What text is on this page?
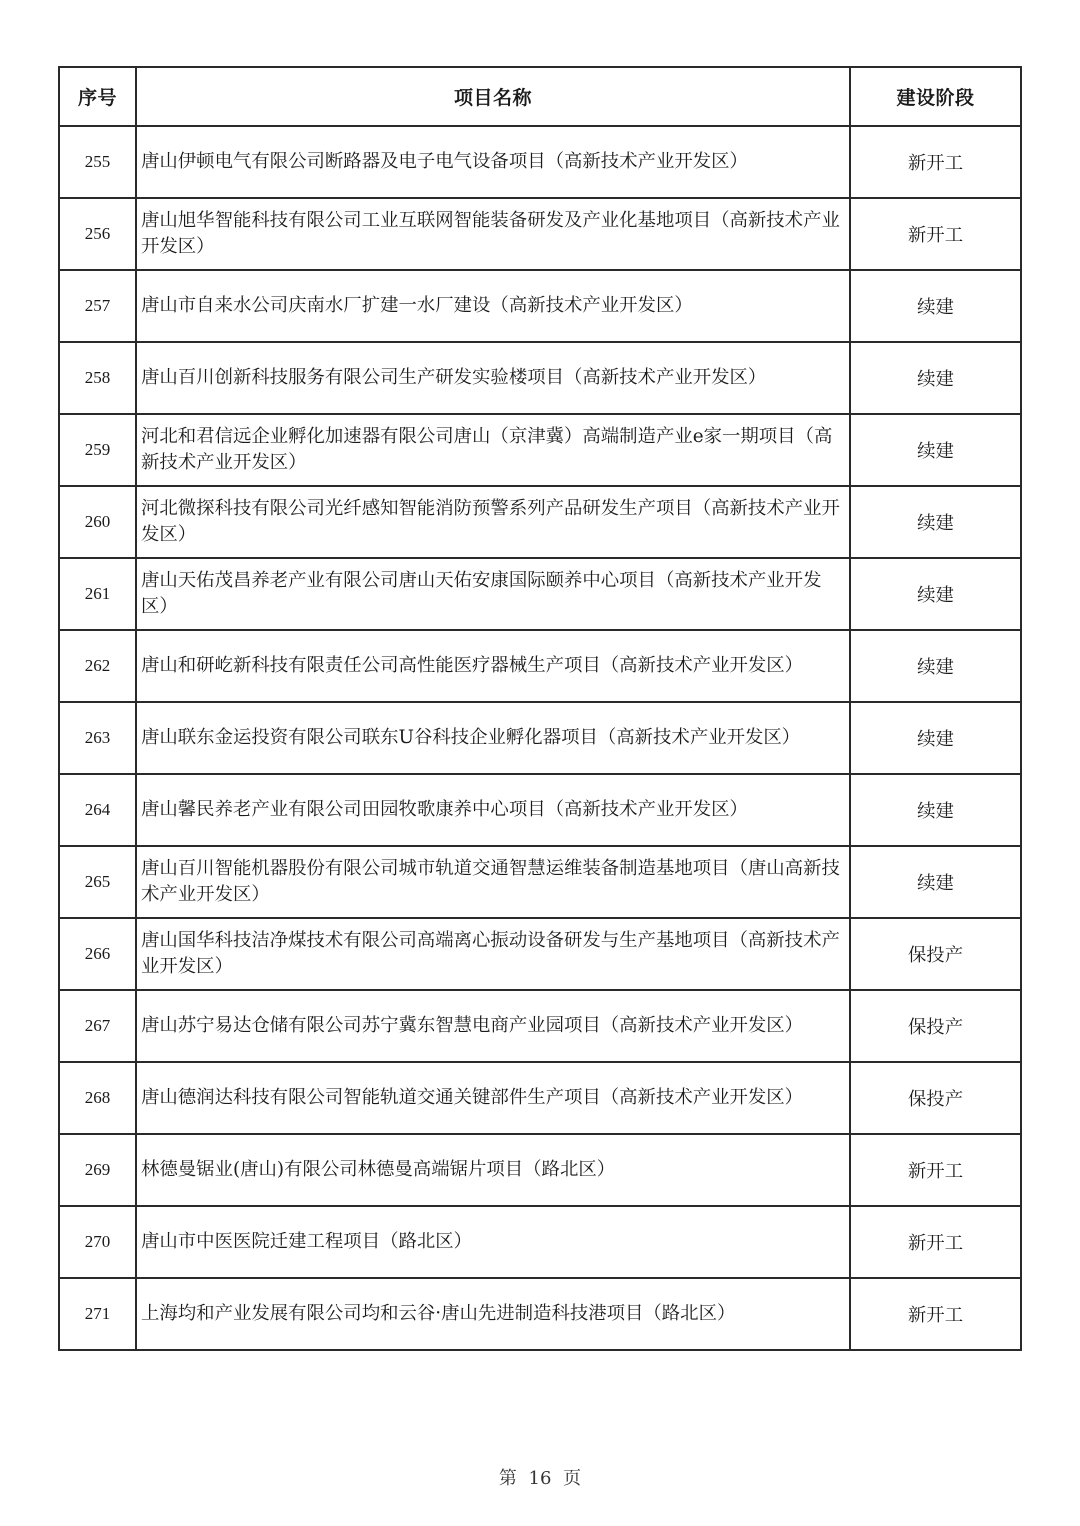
序号	项目名称	建设阶段
255	唐山伊顿电气有限公司断路器及电子电气设备项目（高新技术产业开发区）	新开工
256	唐山旭华智能科技有限公司工业互联网智能装备研发及产业化基地项目（高新技术产业开发区）	新开工
257	唐山市自来水公司庆南水厂扩建一水厂建设（高新技术产业开发区）	续建
258	唐山百川创新科技服务有限公司生产研发实验楼项目（高新技术产业开发区）	续建
259	河北和君信远企业孵化加速器有限公司唐山（京津冀）高端制造产业e家一期项目（高新技术产业开发区）	续建
260	河北微探科技有限公司光纤感知智能消防预警系列产品研发生产项目（高新技术产业开发区）	续建
261	唐山天佑茂昌养老产业有限公司唐山天佑安康国际颐养中心项目（高新技术产业开发区）	续建
262	唐山和研屹新科技有限责任公司高性能医疗器械生产项目（高新技术产业开发区）	续建
263	唐山联东金运投资有限公司联东U谷科技企业孵化器项目（高新技术产业开发区）	续建
264	唐山馨民养老产业有限公司田园牧歌康养中心项目（高新技术产业开发区）	续建
265	唐山百川智能机器股份有限公司城市轨道交通智慧运维装备制造基地项目（唐山高新技术产业开发区）	续建
266	唐山国华科技洁净煤技术有限公司高端离心振动设备研发与生产基地项目（高新技术产业开发区）	保投产
267	唐山苏宁易达仓储有限公司苏宁冀东智慧电商产业园项目（高新技术产业开发区）	保投产
268	唐山德润达科技有限公司智能轨道交通关键部件生产项目（高新技术产业开发区）	保投产
269	林德曼锯业(唐山)有限公司林德曼高端锯片项目（路北区）	新开工
270	唐山市中医医院迁建工程项目（路北区）	新开工
271	上海均和产业发展有限公司均和云谷·唐山先进制造科技港项目（路北区）	新开工
第 16 页
